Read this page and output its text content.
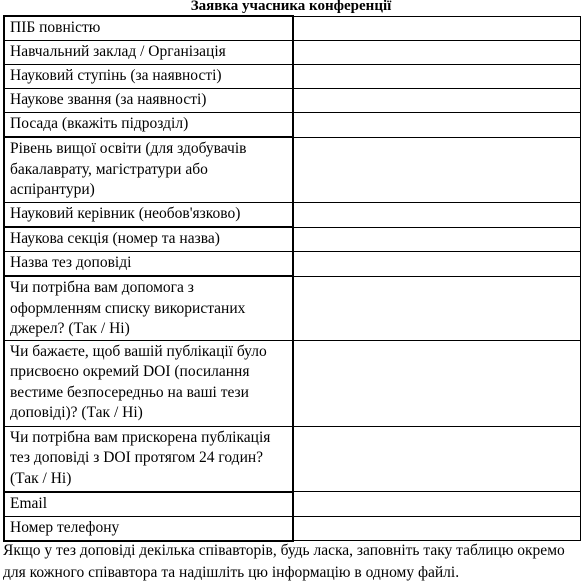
Заявка учасника конференції
ПІБ повністю	
Навчальний заклад / Організація	
Науковий ступінь (за наявності)	
Наукове звання (за наявності)	
Посада (вкажіть підрозділ)	
Рівень вищої освіти (для здобувачів бакалаврату, магістратури або аспірантури)	
Науковий керівник (необов'язково)	
Наукова секція (номер та назва)	
Назва тез доповіді	
Чи потрібна вам допомога з оформленням списку використаних джерел? (Так / Ні)	
Чи бажаєте, щоб вашій публікації було присвоєно окремий DOI (посилання вестиме безпосередньо на ваші тези доповіді)? (Так / Ні)	
Чи потрібна вам прискорена публікація тез доповіді з DOI протягом 24 годин? (Так / Ні)	
Email	
Номер телефону	
Якщо у тез доповіді декілька співавторів, будь ласка, заповніть таку таблицю окремо для кожного співавтора та надішліть цю інформацію в одному файлі.
